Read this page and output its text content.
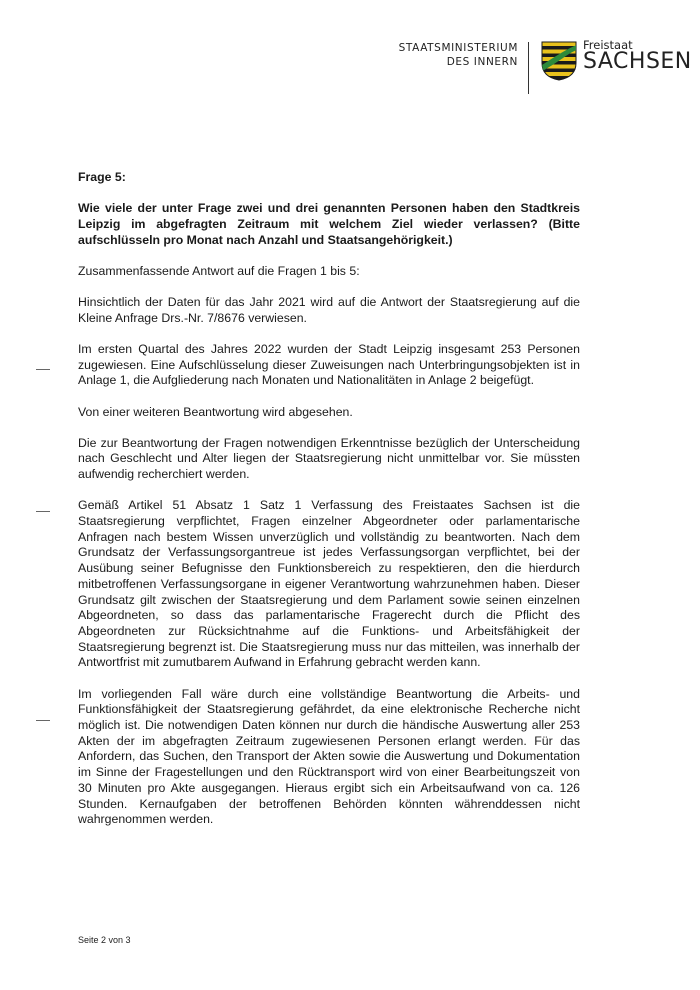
STAATSMINISTERIUM
DES INNERN
Freistaat
SACHSEN

Frage 5:

Wie viele der unter Frage zwei und drei genannten Personen haben den Stadtkreis Leipzig im abgefragten Zeitraum mit welchem Ziel wieder verlassen? (Bitte aufschlüsseln pro Monat nach Anzahl und Staatsangehörigkeit.)

Zusammenfassende Antwort auf die Fragen 1 bis 5:

Hinsichtlich der Daten für das Jahr 2021 wird auf die Antwort der Staatsregierung auf die Kleine Anfrage Drs.-Nr. 7/8676 verwiesen.

Im ersten Quartal des Jahres 2022 wurden der Stadt Leipzig insgesamt 253 Personen zugewiesen. Eine Aufschlüsselung dieser Zuweisungen nach Unterbringungsobjekten ist in Anlage 1, die Aufgliederung nach Monaten und Nationalitäten in Anlage 2 beigefügt.

Von einer weiteren Beantwortung wird abgesehen.

Die zur Beantwortung der Fragen notwendigen Erkenntnisse bezüglich der Unterscheidung nach Geschlecht und Alter liegen der Staatsregierung nicht unmittelbar vor. Sie müssten aufwendig recherchiert werden.

Gemäß Artikel 51 Absatz 1 Satz 1 Verfassung des Freistaates Sachsen ist die Staatsregierung verpflichtet, Fragen einzelner Abgeordneter oder parlamentarische Anfragen nach bestem Wissen unverzüglich und vollständig zu beantworten. Nach dem Grundsatz der Verfassungsorgantreue ist jedes Verfassungsorgan verpflichtet, bei der Ausübung seiner Befugnisse den Funktionsbereich zu respektieren, den die hierdurch mitbetroffenen Verfassungsorgane in eigener Verantwortung wahrzunehmen haben. Dieser Grundsatz gilt zwischen der Staatsregierung und dem Parlament sowie seinen einzelnen Abgeordneten, so dass das parlamentarische Fragerecht durch die Pflicht des Abgeordneten zur Rücksichtnahme auf die Funktions- und Arbeitsfähigkeit der Staatsregierung begrenzt ist. Die Staatsregierung muss nur das mitteilen, was innerhalb der Antwortfrist mit zumutbarem Aufwand in Erfahrung gebracht werden kann.

Im vorliegenden Fall wäre durch eine vollständige Beantwortung die Arbeits- und Funktionsfähigkeit der Staatsregierung gefährdet, da eine elektronische Recherche nicht möglich ist. Die notwendigen Daten können nur durch die händische Auswertung aller 253 Akten der im abgefragten Zeitraum zugewiesenen Personen erlangt werden. Für das Anfordern, das Suchen, den Transport der Akten sowie die Auswertung und Dokumentation im Sinne der Fragestellungen und den Rücktransport wird von einer Bearbeitungszeit von 30 Minuten pro Akte ausgegangen. Hieraus ergibt sich ein Arbeitsaufwand von ca. 126 Stunden. Kernaufgaben der betroffenen Behörden könnten währenddessen nicht wahrgenommen werden.

Seite 2 von 3
